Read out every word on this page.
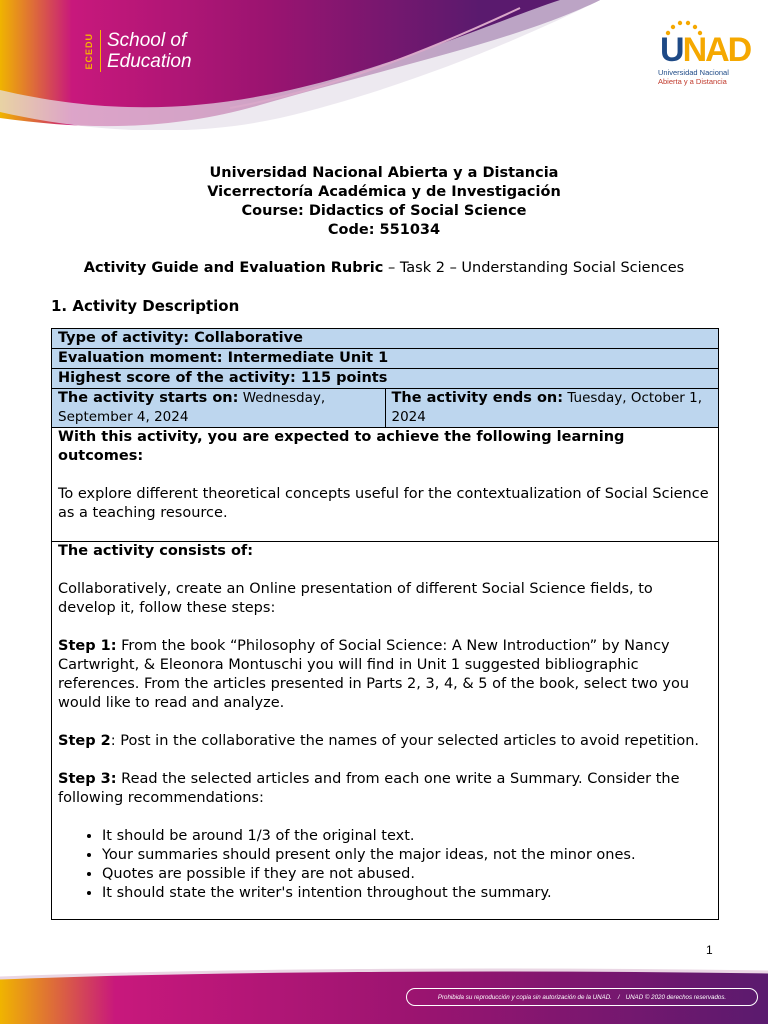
ECEDU School of
Education	UNAD
Universidad Nacional
Abierta y a Distancia
Universidad Nacional Abierta y a Distancia
Vicerrectoría Académica y de Investigación
Course: Didactics of Social Science
Code: 551034
Activity Guide and Evaluation Rubric – Task 2 – Understanding Social Sciences
1. Activity Description
Type of activity: Collaborative
Evaluation moment: Intermediate Unit 1
Highest score of the activity: 115 points
The activity starts on: Wednesday, September 4, 2024	The activity ends on: Tuesday, October 1, 2024

With this activity, you are expected to achieve the following learning outcomes:

To explore different theoretical concepts useful for the contextualization of Social Science as a teaching resource.

The activity consists of:

Collaboratively, create an Online presentation of different Social Science fields, to develop it, follow these steps:

Step 1: From the book “Philosophy of Social Science: A New Introduction” by Nancy Cartwright, & Eleonora Montuschi you will find in Unit 1 suggested bibliographic references. From the articles presented in Parts 2, 3, 4, & 5 of the book, select two you would like to read and analyze.

Step 2: Post in the collaborative the names of your selected articles to avoid repetition.

Step 3: Read the selected articles and from each one write a Summary. Consider the following recommendations:

• It should be around 1/3 of the original text.
• Your summaries should present only the major ideas, not the minor ones.
• Quotes are possible if they are not abused.
• It should state the writer's intention throughout the summary.
1
Prohibida su reproducción y copia sin autorización de la UNAD. / UNAD © 2020 derechos reservados.
